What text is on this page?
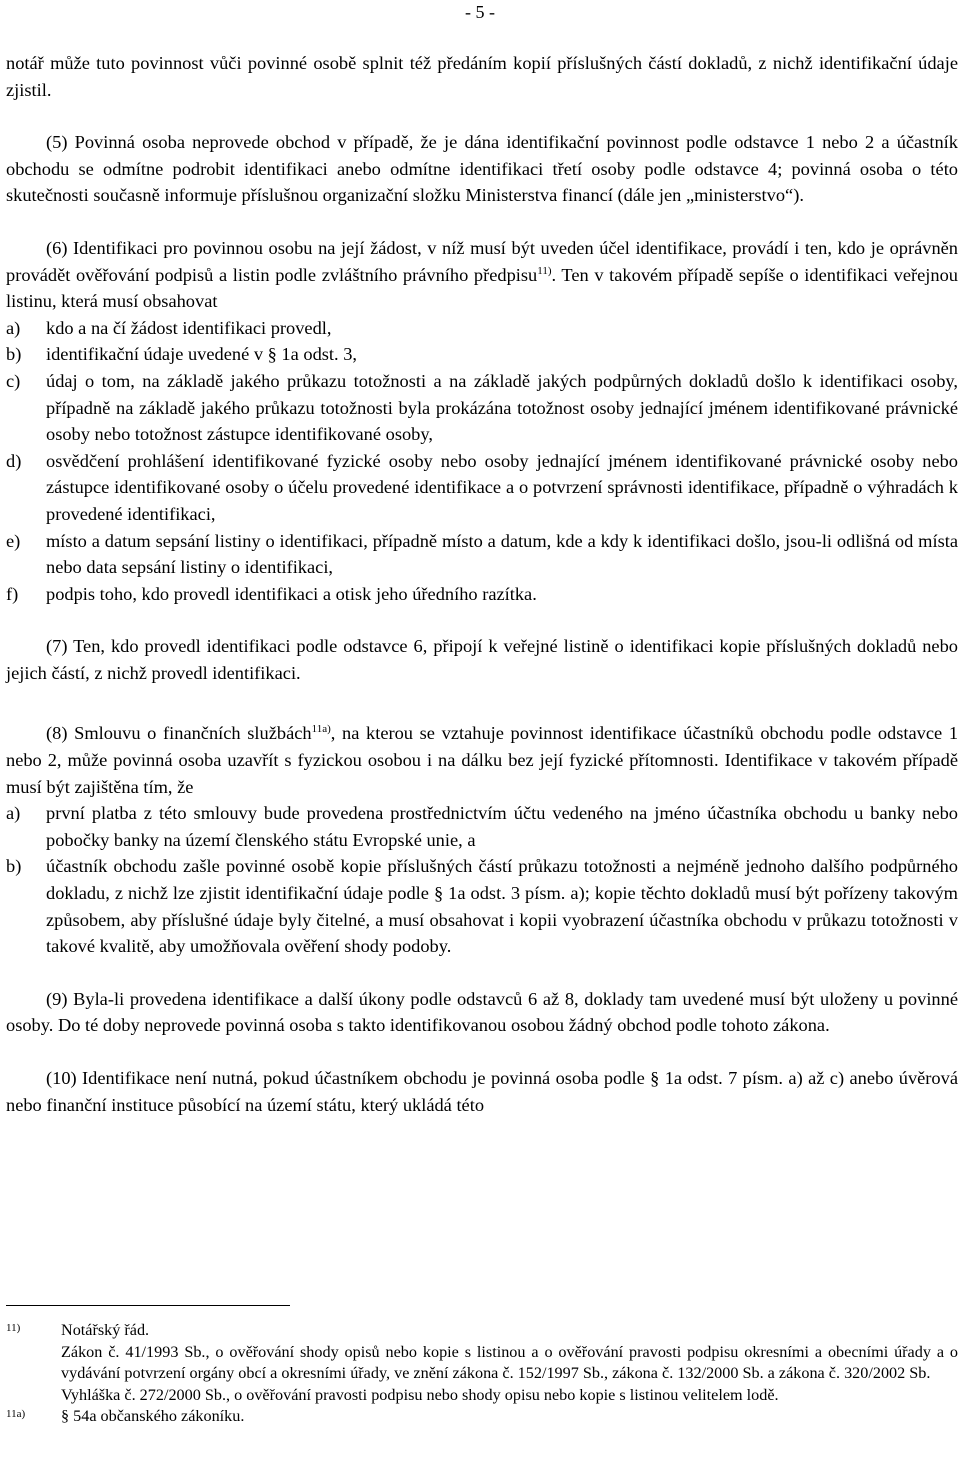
- 5 -

notář může tuto povinnost vůči povinné osobě splnit též předáním kopií příslušných částí dokladů, z nichž identifikační údaje zjistil.

(5) Povinná osoba neprovede obchod v případě, že je dána identifikační povinnost podle odstavce 1 nebo 2 a účastník obchodu se odmítne podrobit identifikaci anebo odmítne identifikaci třetí osoby podle odstavce 4; povinná osoba o této skutečnosti současně informuje příslušnou organizační složku Ministerstva financí (dále jen „ministerstvo“).

(6) Identifikaci pro povinnou osobu na její žádost, v níž musí být uveden účel identifikace, provádí i ten, kdo je oprávněn provádět ověřování podpisů a listin podle zvláštního právního předpisu$^{11)}$. Ten v takovém případě sepíše o identifikaci veřejnou listinu, která musí obsahovat

a)	kdo a na čí žádost identifikaci provedl,
b)	identifikační údaje uvedené v § 1a odst. 3,
c)	údaj o tom, na základě jakého průkazu totožnosti a na základě jakých podpůrných dokladů došlo k identifikaci osoby, případně na základě jakého průkazu totožnosti byla prokázána totožnost osoby jednající jménem identifikované právnické osoby nebo totožnost zástupce identifikované osoby,
d)	osvědčení prohlášení identifikované fyzické osoby nebo osoby jednající jménem identifikované právnické osoby nebo zástupce identifikované osoby o účelu provedené identifikace a o potvrzení správnosti identifikace, případně o výhradách k provedené identifikaci,
e)	místo a datum sepsání listiny o identifikaci, případně místo a datum, kde a kdy k identifikaci došlo, jsou-li odlišná od místa nebo data sepsání listiny o identifikaci,
f)	podpis toho, kdo provedl identifikaci a otisk jeho úředního razítka.

(7) Ten, kdo provedl identifikaci podle odstavce 6, připojí k veřejné listině o identifikaci kopie příslušných dokladů nebo jejich částí, z nichž provedl identifikaci.

(8) Smlouvu o finančních službách$^{11a)}$, na kterou se vztahuje povinnost identifikace účastníků obchodu podle odstavce 1 nebo 2, může povinná osoba uzavřít s fyzickou osobou i na dálku bez její fyzické přítomnosti. Identifikace v takovém případě musí být zajištěna tím, že

a)	první platba z této smlouvy bude provedena prostřednictvím účtu vedeného na jméno účastníka obchodu u banky nebo pobočky banky na území členského státu Evropské unie, a
b)	účastník obchodu zašle povinné osobě kopie příslušných částí průkazu totožnosti a nejméně jednoho dalšího podpůrného dokladu, z nichž lze zjistit identifikační údaje podle § 1a odst. 3 písm. a); kopie těchto dokladů musí být pořízeny takovým způsobem, aby příslušné údaje byly čitelné, a musí obsahovat i kopii vyobrazení účastníka obchodu v průkazu totožnosti v takové kvalitě, aby umožňovala ověření shody podoby.

(9) Byla-li provedena identifikace a další úkony podle odstavců 6 až 8, doklady tam uvedené musí být uloženy u povinné osoby. Do té doby neprovede povinná osoba s takto identifikovanou osobou žádný obchod podle tohoto zákona.

(10) Identifikace není nutná, pokud účastníkem obchodu je povinná osoba podle § 1a odst. 7 písm. a) až c) anebo úvěrová nebo finanční instituce působící na území státu, který ukládá této

11)	Notářský řád.
Zákon č. 41/1993 Sb., o ověřování shody opisů nebo kopie s listinou a o ověřování pravosti podpisu okresními a obecními úřady a o vydávání potvrzení orgány obcí a okresními úřady, ve znění zákona č. 152/1997 Sb., zákona č. 132/2000 Sb. a zákona č. 320/2002 Sb.
Vyhláška č. 272/2000 Sb., o ověřování pravosti podpisu nebo shody opisu nebo kopie s listinou velitelem lodě.
11a)	§ 54a občanského zákoníku.
